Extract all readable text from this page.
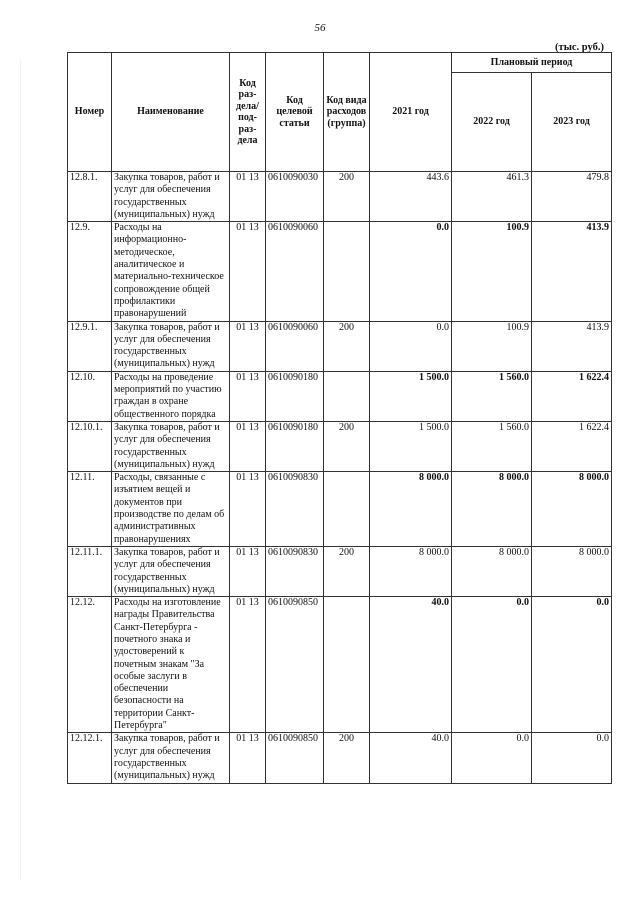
56
(тыс. руб.)
Номер	Наименование	Код раз-дела/ под-раз-дела	Код целевой статьи	Код вида расходов (группа)	2021 год	Плановый период	
						2022 год	2023 год
12.8.1.	Закупка товаров, работ и услуг для обеспечения государственных (муниципальных) нужд	01 13	0610090030	200	443.6	461.3	479.8
12.9.	Расходы на информационно-методическое, аналитическое и материально-техническое сопровождение общей профилактики правонарушений	01 13	0610090060		0.0	100.9	413.9
12.9.1.	Закупка товаров, работ и услуг для обеспечения государственных (муниципальных) нужд	01 13	0610090060	200	0.0	100.9	413.9
12.10.	Расходы на проведение мероприятий по участию граждан в охране общественного порядка	01 13	0610090180		1 500.0	1 560.0	1 622.4
12.10.1.	Закупка товаров, работ и услуг для обеспечения государственных (муниципальных) нужд	01 13	0610090180	200	1 500.0	1 560.0	1 622.4
12.11.	Расходы, связанные с изъятием вещей и документов при производстве по делам об административных правонарушениях	01 13	0610090830		8 000.0	8 000.0	8 000.0
12.11.1.	Закупка товаров, работ и услуг для обеспечения государственных (муниципальных) нужд	01 13	0610090830	200	8 000.0	8 000.0	8 000.0
12.12.	Расходы на изготовление награды Правительства Санкт-Петербурга - почетного знака и удостоверений к почетным знакам "За особые заслуги в обеспечении безопасности на территории Санкт-Петербурга"	01 13	0610090850		40.0	0.0	0.0
12.12.1.	Закупка товаров, работ и услуг для обеспечения государственных (муниципальных) нужд	01 13	0610090850	200	40.0	0.0	0.0
